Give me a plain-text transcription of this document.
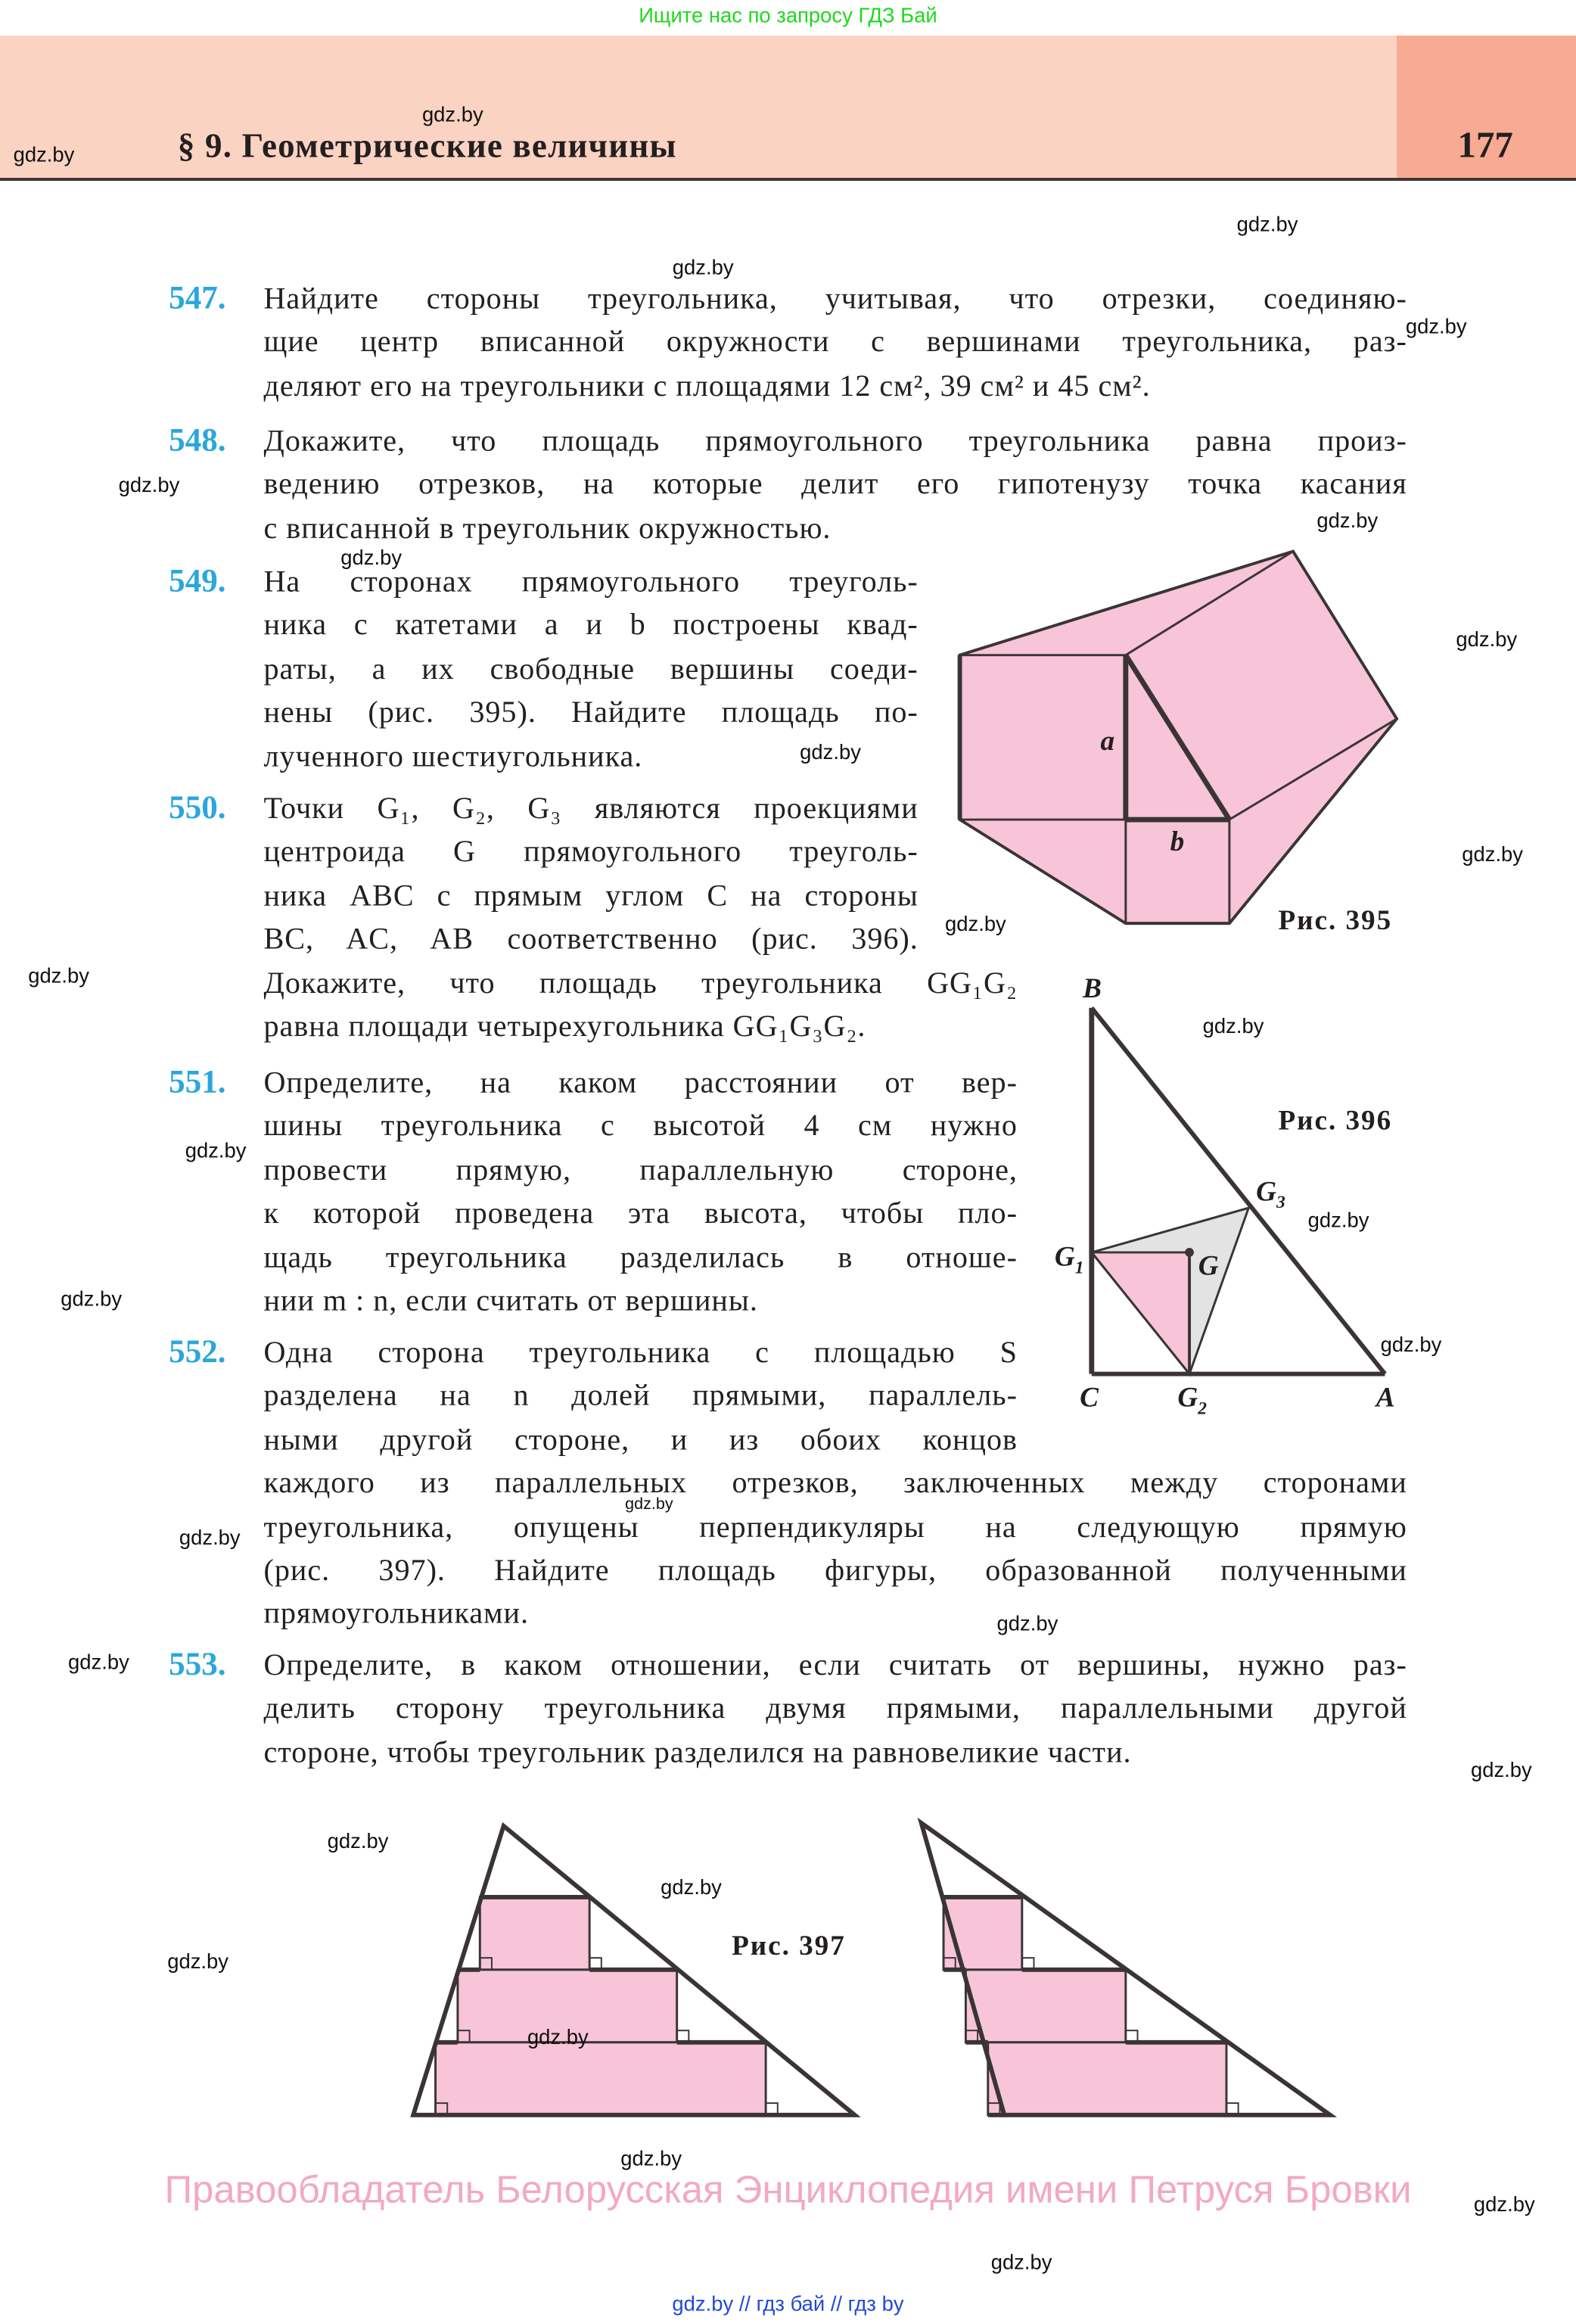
Ищите нас по запросу ГДЗ Бай
§ 9. Геометрические величины	177
547. Найдите стороны треугольника, учитывая, что отрезки, соединяю-
щие центр вписанной окружности с вершинами треугольника, раз-
деляют его на треугольники с площадями 12 см², 39 см² и 45 см².
548. Докажите, что площадь прямоугольного треугольника равна произ-
ведению отрезков, на которые делит его гипотенузу точка касания
с вписанной в треугольник окружностью.
549. На сторонах прямоугольного треуголь-
ника с катетами a и b построены квад-
раты, а их свободные вершины соеди-
нены (рис. 395). Найдите площадь по-
лученного шестиугольника.
550. Точки G₁, G₂, G₃ являются проекциями
центроида G прямоугольного треуголь-
ника ABC с прямым углом C на стороны
BC, AC, AB соответственно (рис. 396).
Докажите, что площадь треугольника GG₁G₂
равна площади четырехугольника GG₁G₃G₂.
551. Определите, на каком расстоянии от вер-
шины треугольника с высотой 4 см нужно
провести прямую, параллельную стороне,
к которой проведена эта высота, чтобы пло-
щадь треугольника разделилась в отноше-
нии m : n, если считать от вершины.
552. Одна сторона треугольника с площадью S
разделена на n долей прямыми, параллель-
ными другой стороне, и из обоих концов
каждого из параллельных отрезков, заключенных между сторонами
треугольника, опущены перпендикуляры на следующую прямую
(рис. 397). Найдите площадь фигуры, образованной полученными
прямоугольниками.
553. Определите, в каком отношении, если считать от вершины, нужно раз-
делить сторону треугольника двумя прямыми, параллельными другой
стороне, чтобы треугольник разделился на равновеликие части.
a
b
Рис. 395
B
C	A
G
$G_1$
$G_2$
$G_3$
Рис. 396
Рис. 397
gdz.by
gdz.by
gdz.by
gdz.by
gdz.by
gdz.by
gdz.by
gdz.by
gdz.by
gdz.by
gdz.by
gdz.by
gdz.by
gdz.by
gdz.by
gdz.by
gdz.by
gdz.by
gdz.by
gdz.by
gdz.by
gdz.by
gdz.by
gdz.by
gdz.by
gdz.by
gdz.by
gdz.by
gdz.by
gdz.by
Правообладатель Белорусская Энциклопедия имени Петруся Бровки
gdz.by // гдз бай // гдз by
